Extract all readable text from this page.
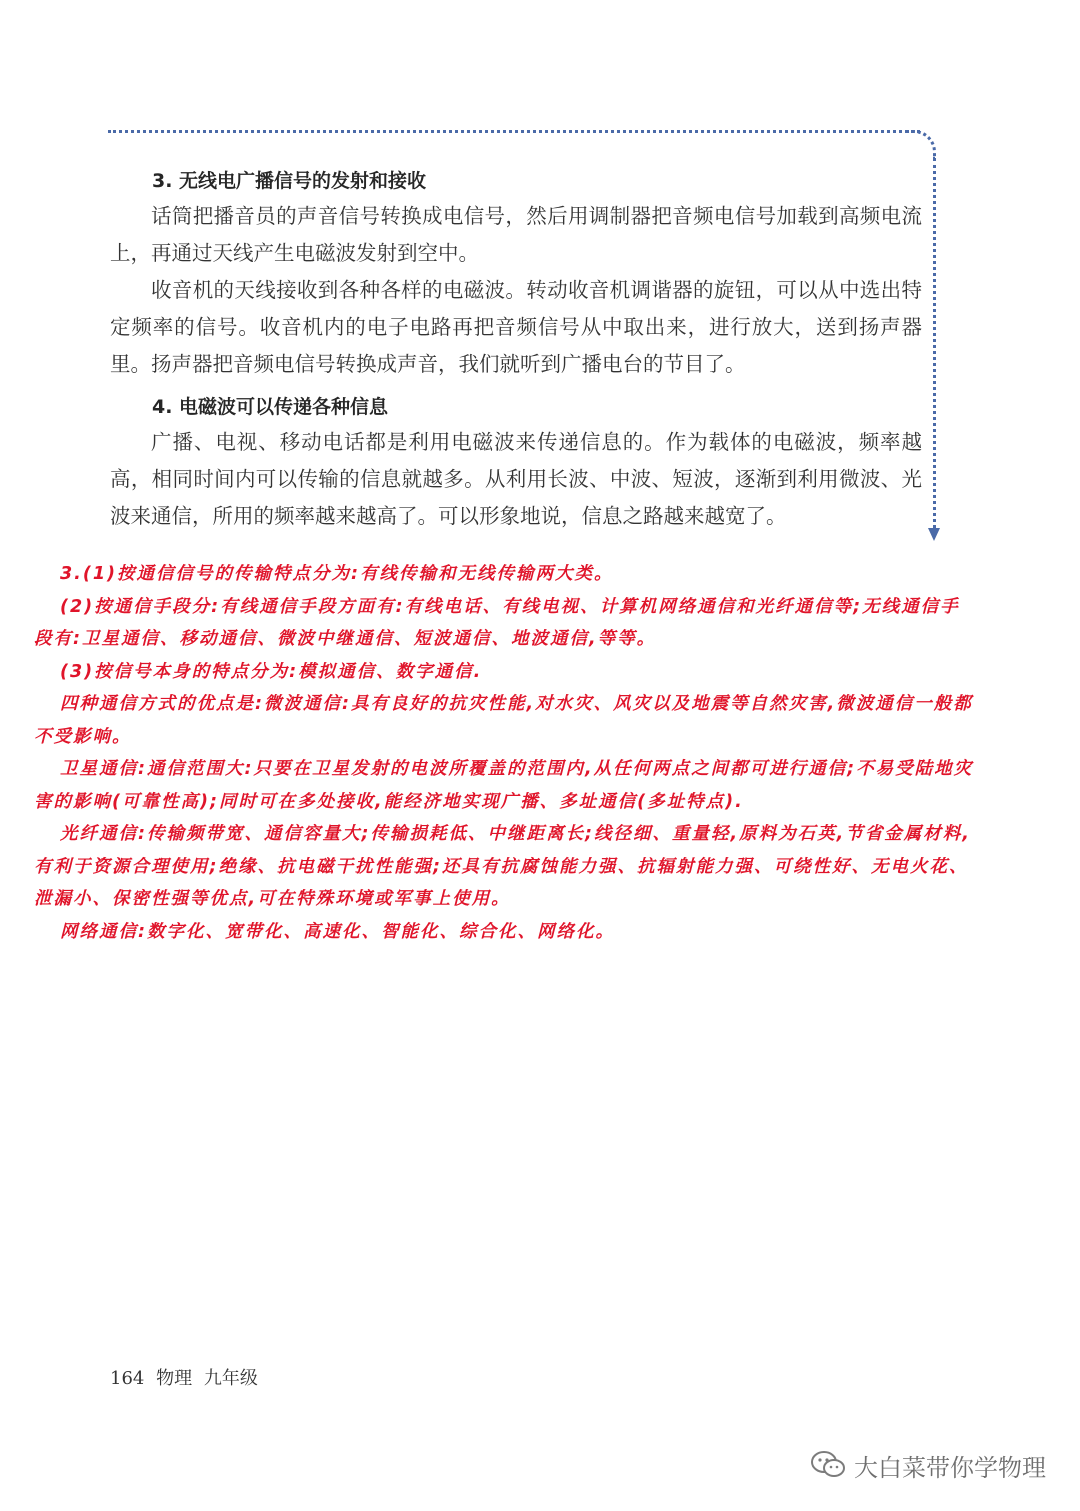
3. 无线电广播信号的发射和接收

话筒把播音员的声音信号转换成电信号，然后用调制器把音频电信号加载到高频电流上，再通过天线产生电磁波发射到空中。

收音机的天线接收到各种各样的电磁波。转动收音机调谐器的旋钮，可以从中选出特定频率的信号。收音机内的电子电路再把音频信号从中取出来，进行放大，送到扬声器里。扬声器把音频电信号转换成声音，我们就听到广播电台的节目了。

4. 电磁波可以传递各种信息

广播、电视、移动电话都是利用电磁波来传递信息的。作为载体的电磁波，频率越高，相同时间内可以传输的信息就越多。从利用长波、中波、短波，逐渐到利用微波、光波来通信，所用的频率越来越高了。可以形象地说，信息之路越来越宽了。

3.(1)按通信信号的传输特点分为:有线传输和无线传输两大类。

(2)按通信手段分:有线通信手段方面有:有线电话、有线电视、计算机网络通信和光纤通信等;无线通信手段有:卫星通信、移动通信、微波中继通信、短波通信、地波通信,等等。

(3)按信号本身的特点分为:模拟通信、数字通信.

四种通信方式的优点是:微波通信:具有良好的抗灾性能,对水灾、风灾以及地震等自然灾害,微波通信一般都不受影响。

卫星通信:通信范围大:只要在卫星发射的电波所覆盖的范围内,从任何两点之间都可进行通信;不易受陆地灾害的影响(可靠性高);同时可在多处接收,能经济地实现广播、多址通信(多址特点).

光纤通信:传输频带宽、通信容量大;传输损耗低、中继距离长;线径细、重量轻,原料为石英,节省金属材料,有利于资源合理使用;绝缘、抗电磁干扰性能强;还具有抗腐蚀能力强、抗辐射能力强、可绕性好、无电火花、泄漏小、保密性强等优点,可在特殊环境或军事上使用。

网络通信:数字化、宽带化、高速化、智能化、综合化、网络化。

164 物理 九年级
大白菜带你学物理
